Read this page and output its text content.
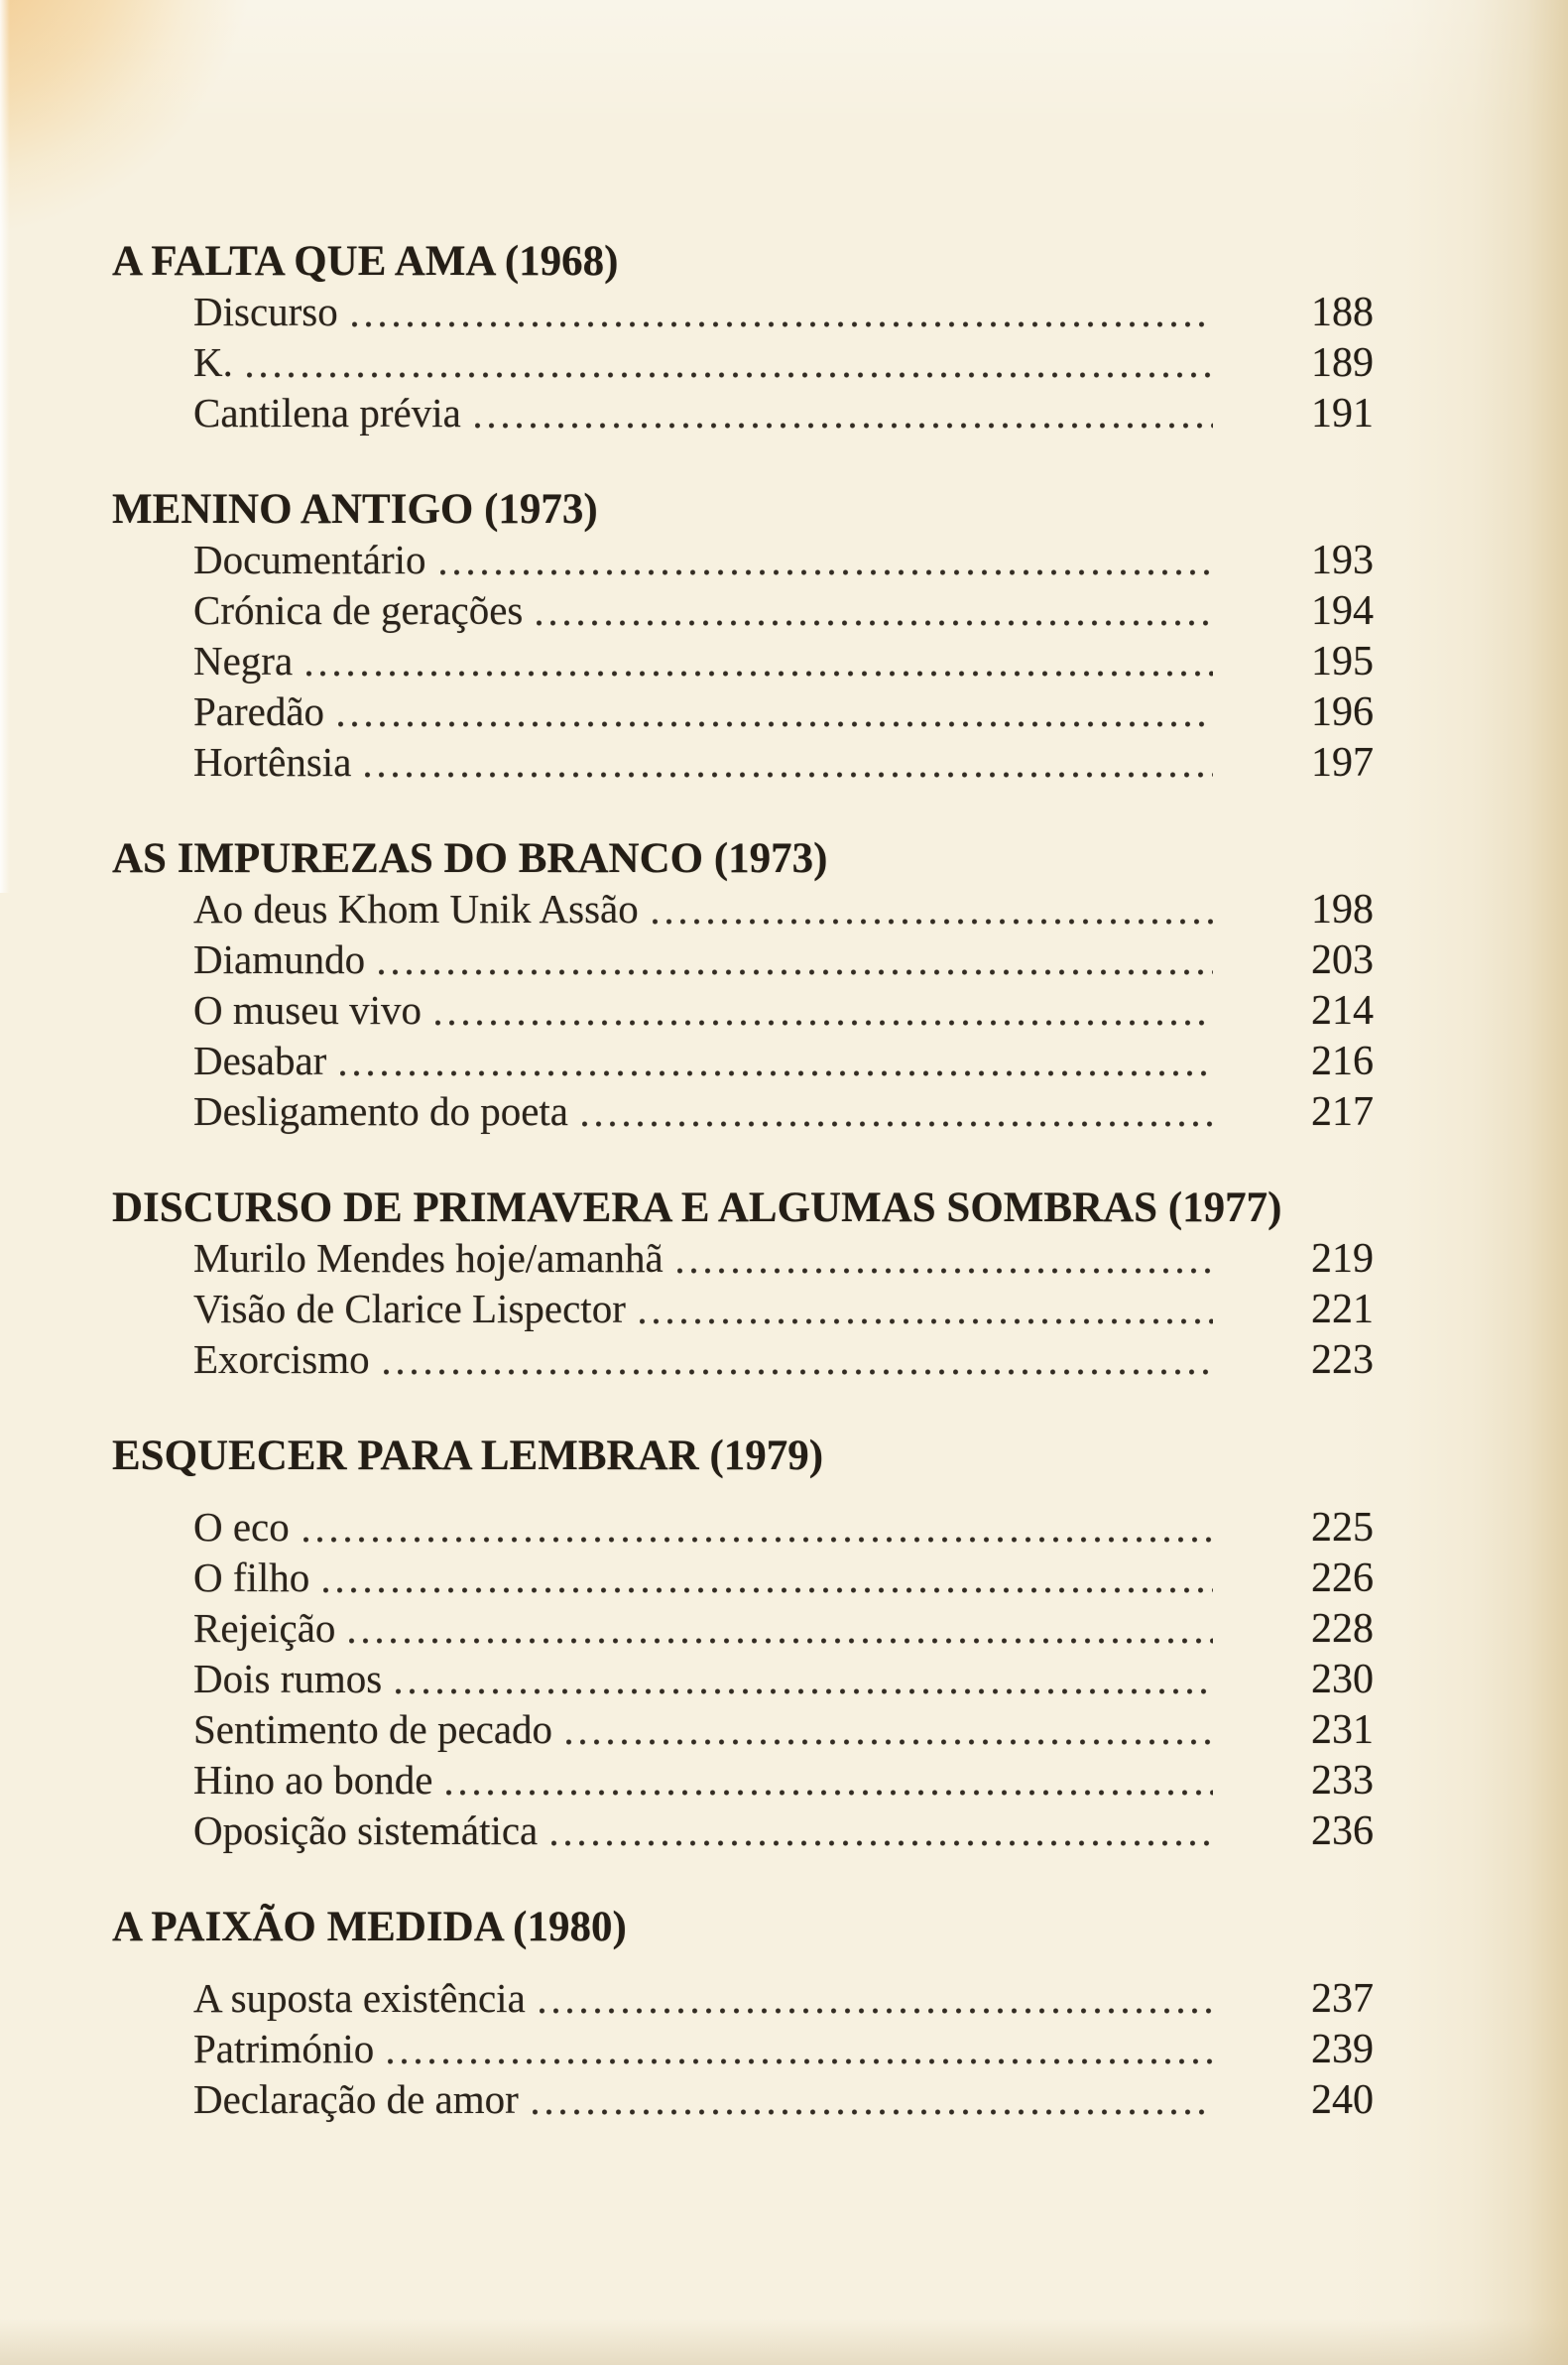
A FALTA QUE AMA (1968)
Discurso	188
K.	189
Cantilena prévia	191
MENINO ANTIGO (1973)
Documentário	193
Crónica de gerações	194
Negra	195
Paredão	196
Hortênsia	197
AS IMPUREZAS DO BRANCO (1973)
Ao deus Khom Unik Assão	198
Diamundo	203
O museu vivo	214
Desabar	216
Desligamento do poeta	217
DISCURSO DE PRIMAVERA E ALGUMAS SOMBRAS (1977)
Murilo Mendes hoje/amanhã	219
Visão de Clarice Lispector	221
Exorcismo	223
ESQUECER PARA LEMBRAR (1979)
O eco	225
O filho	226
Rejeição	228
Dois rumos	230
Sentimento de pecado	231
Hino ao bonde	233
Oposição sistemática	236
A PAIXÃO MEDIDA (1980)
A suposta existência	237
Património	239
Declaração de amor	240
